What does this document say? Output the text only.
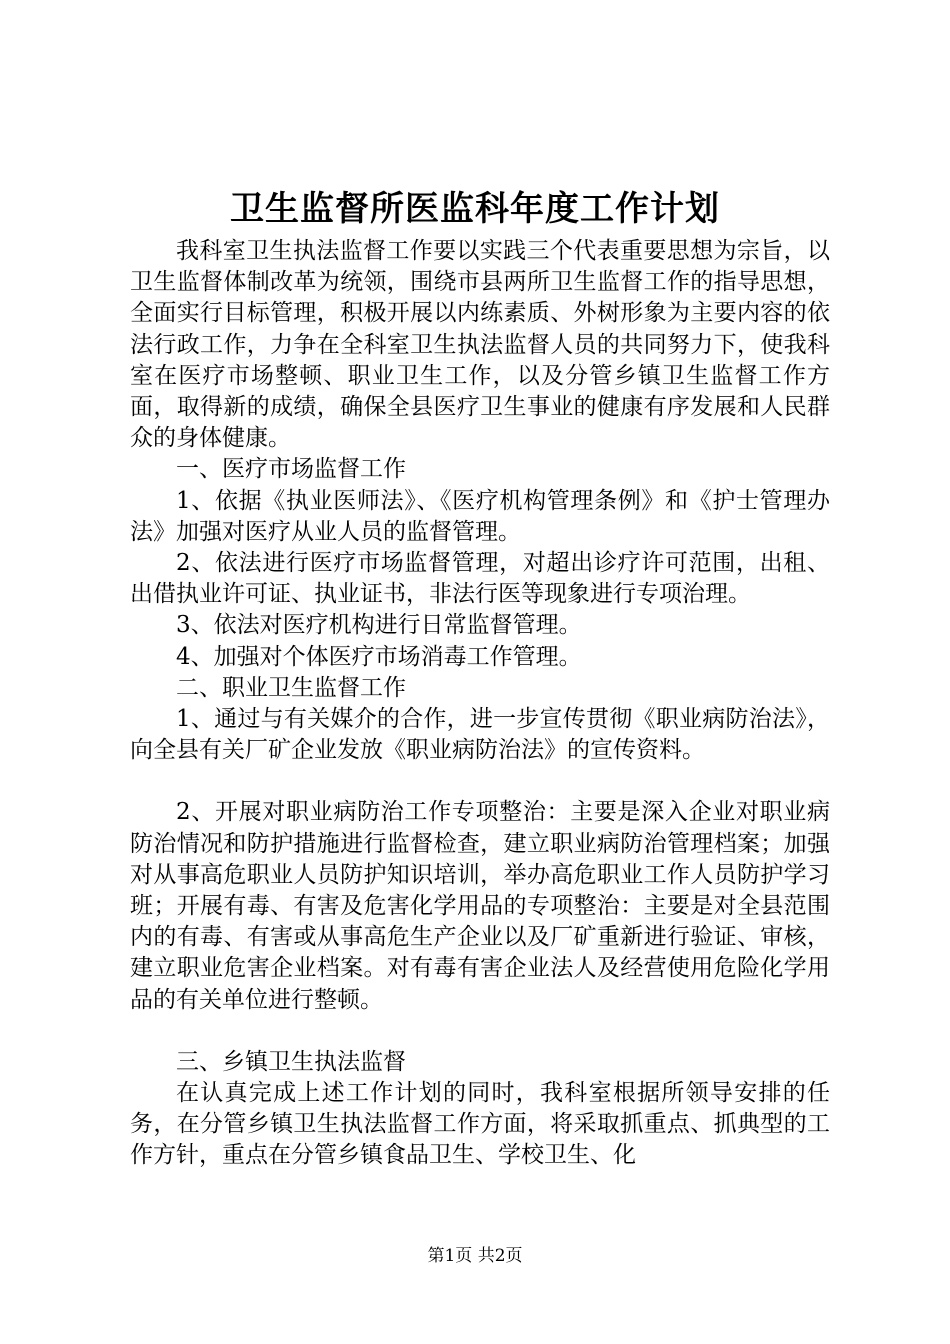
卫生监督所医监科年度工作计划

我科室卫生执法监督工作要以实践三个代表重要思想为宗旨，以卫生监督体制改革为统领，围绕市县两所卫生监督工作的指导思想，全面实行目标管理，积极开展以内练素质、外树形象为主要内容的依法行政工作，力争在全科室卫生执法监督人员的共同努力下，使我科室在医疗市场整顿、职业卫生工作，以及分管乡镇卫生监督工作方面，取得新的成绩，确保全县医疗卫生事业的健康有序发展和人民群众的身体健康。

一、医疗市场监督工作

1、依据《执业医师法》、《医疗机构管理条例》和《护士管理办法》加强对医疗从业人员的监督管理。

2、依法进行医疗市场监督管理，对超出诊疗许可范围，出租、出借执业许可证、执业证书，非法行医等现象进行专项治理。

3、依法对医疗机构进行日常监督管理。

4、加强对个体医疗市场消毒工作管理。

二、职业卫生监督工作

1、通过与有关媒介的合作，进一步宣传贯彻《职业病防治法》，向全县有关厂矿企业发放《职业病防治法》的宣传资料。

2、开展对职业病防治工作专项整治：主要是深入企业对职业病防治情况和防护措施进行监督检查，建立职业病防治管理档案；加强对从事高危职业人员防护知识培训，举办高危职业工作人员防护学习班；开展有毒、有害及危害化学用品的专项整治：主要是对全县范围内的有毒、有害或从事高危生产企业以及厂矿重新进行验证、审核，建立职业危害企业档案。对有毒有害企业法人及经营使用危险化学用品的有关单位进行整顿。

三、乡镇卫生执法监督

在认真完成上述工作计划的同时，我科室根据所领导安排的任务，在分管乡镇卫生执法监督工作方面，将采取抓重点、抓典型的工作方针，重点在分管乡镇食品卫生、学校卫生、化

第1页 共2页
